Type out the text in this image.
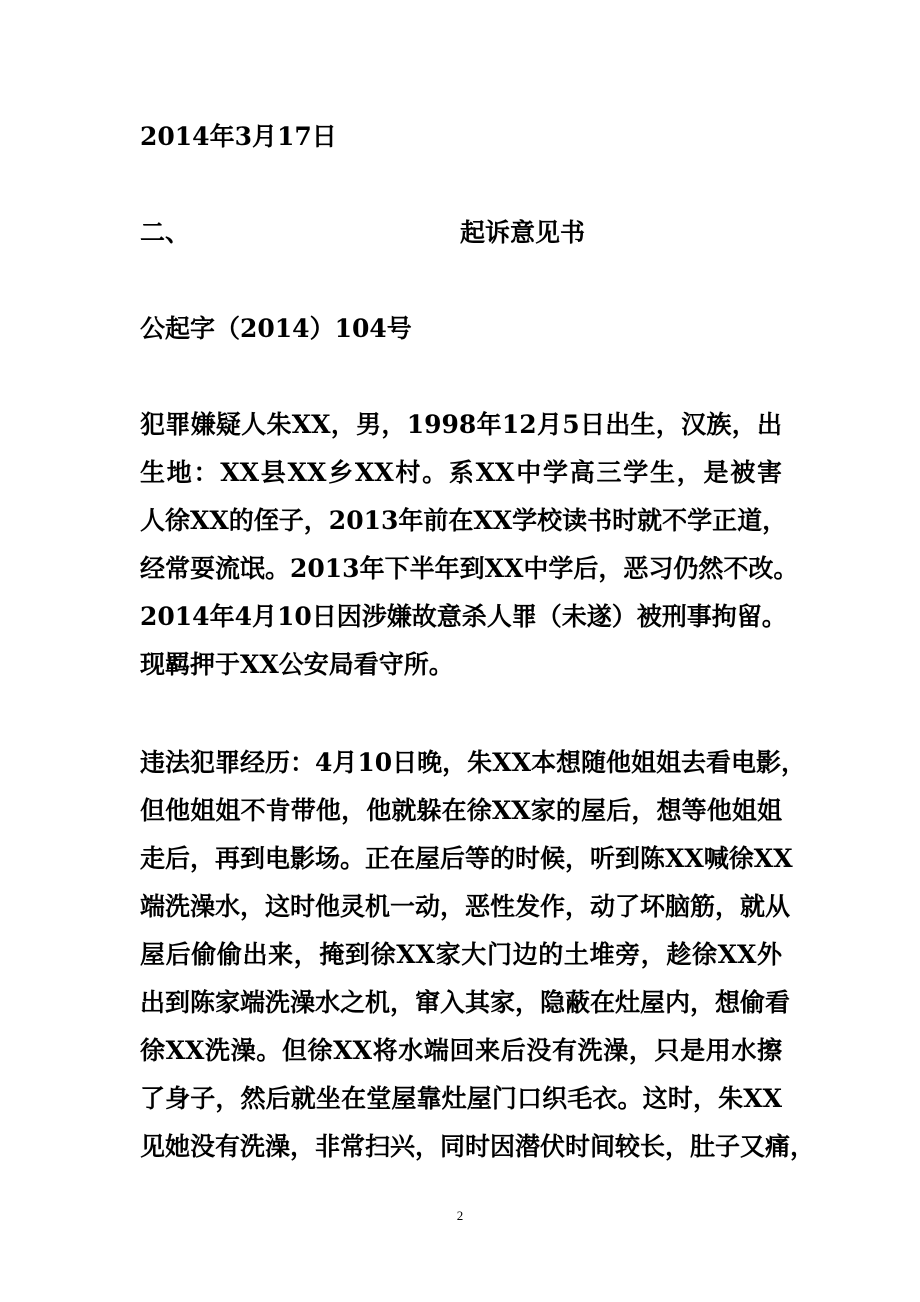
2014年3月17日
二、	起诉意见书
公起字（2014）104号
犯罪嫌疑人朱XX，男，1998年12月5日出生，汉族，出
生地：XX县XX乡XX村。系XX中学高三学生，是被害
人徐XX的侄子，2013年前在XX学校读书时就不学正道，
经常耍流氓。2013年下半年到XX中学后，恶习仍然不改。
2014年4月10日因涉嫌故意杀人罪（未遂）被刑事拘留。
现羁押于XX公安局看守所。
违法犯罪经历：4月10日晚，朱XX本想随他姐姐去看电影，
但他姐姐不肯带他，他就躲在徐XX家的屋后，想等他姐姐
走后，再到电影场。正在屋后等的时候，听到陈XX喊徐XX
端洗澡水，这时他灵机一动，恶性发作，动了坏脑筋，就从
屋后偷偷出来，掩到徐XX家大门边的土堆旁，趁徐XX外
出到陈家端洗澡水之机，窜入其家，隐蔽在灶屋内，想偷看
徐XX洗澡。但徐XX将水端回来后没有洗澡，只是用水擦
了身子，然后就坐在堂屋靠灶屋门口织毛衣。这时，朱XX
见她没有洗澡，非常扫兴，同时因潜伏时间较长，肚子又痛，
2
